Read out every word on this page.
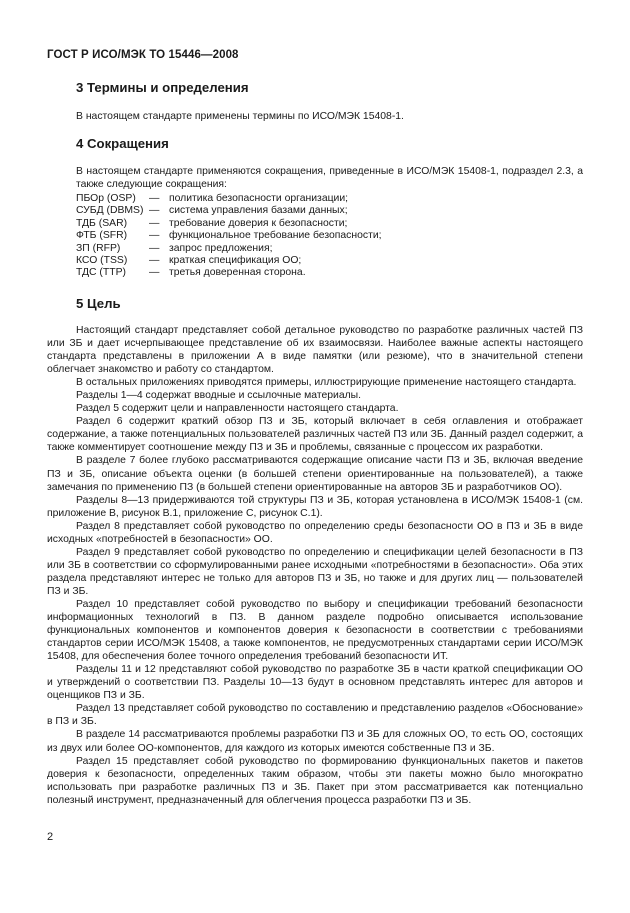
ГОСТ Р ИСО/МЭК ТО 15446—2008
3 Термины и определения
В настоящем стандарте применены термины по ИСО/МЭК 15408-1.
4 Сокращения
В настоящем стандарте применяются сокращения, приведенные в ИСО/МЭК 15408-1, подраздел 2.3, а также следующие сокращения:
ПБОр (OSP) — политика безопасности организации;
СУБД (DBMS) — система управления базами данных;
ТДБ (SAR) — требование доверия к безопасности;
ФТБ (SFR) — функциональное требование безопасности;
ЗП (RFP)	— запрос предложения;
КСО (TSS) — краткая спецификация ОО;
ТДС (TTP) — третья доверенная сторона.
5 Цель

Настоящий стандарт представляет собой детальное руководство по разработке различных частей ПЗ или ЗБ и дает исчерпывающее представление об их взаимосвязи. Наиболее важные аспекты настоящего стандарта представлены в приложении А в виде памятки (или резюме), что в значительной степени облегчает знакомство и работу со стандартом.

В остальных приложениях приводятся примеры, иллюстрирующие применение настоящего стандарта.

Разделы 1—4 содержат вводные и ссылочные материалы.

Раздел 5 содержит цели и направленности настоящего стандарта.

Раздел 6 содержит краткий обзор ПЗ и ЗБ, который включает в себя оглавления и отображает содержание, а также потенциальных пользователей различных частей ПЗ или ЗБ. Данный раздел содержит, а также комментирует соотношение между ПЗ и ЗБ и проблемы, связанные с процессом их разработки.

В разделе 7 более глубоко рассматриваются содержащие описание части ПЗ и ЗБ, включая введение ПЗ и ЗБ, описание объекта оценки (в большей степени ориентированные на пользователей), а также замечания по применению ПЗ (в большей степени ориентированные на авторов ЗБ и разработчиков ОО).

Разделы 8—13 придерживаются той структуры ПЗ и ЗБ, которая установлена в ИСО/МЭК 15408-1 (см. приложение В, рисунок В.1, приложение С, рисунок С.1).

Раздел 8 представляет собой руководство по определению среды безопасности ОО в ПЗ и ЗБ в виде исходных «потребностей в безопасности» ОО.

Раздел 9 представляет собой руководство по определению и спецификации целей безопасности в ПЗ или ЗБ в соответствии со сформулированными ранее исходными «потребностями в безопасности». Оба этих раздела представляют интерес не только для авторов ПЗ и ЗБ, но также и для других лиц — пользователей ПЗ и ЗБ.

Раздел 10 представляет собой руководство по выбору и спецификации требований безопасности информационных технологий в ПЗ. В данном разделе подробно описывается использование функциональных компонентов и компонентов доверия к безопасности в соответствии с требованиями стандартов серии ИСО/МЭК 15408, а также компонентов, не предусмотренных стандартами серии ИСО/МЭК 15408, для обеспечения более точного определения требований безопасности ИТ.

Разделы 11 и 12 представляют собой руководство по разработке ЗБ в части краткой спецификации ОО и утверждений о соответствии ПЗ. Разделы 10—13 будут в основном представлять интерес для авторов и оценщиков ПЗ и ЗБ.

Раздел 13 представляет собой руководство по составлению и представлению разделов «Обоснование» в ПЗ и ЗБ.

В разделе 14 рассматриваются проблемы разработки ПЗ и ЗБ для сложных ОО, то есть ОО, состоящих из двух или более ОО-компонентов, для каждого из которых имеются собственные ПЗ и ЗБ.

Раздел 15 представляет собой руководство по формированию функциональных пакетов и пакетов доверия к безопасности, определенных таким образом, чтобы эти пакеты можно было многократно использовать при разработке различных ПЗ и ЗБ. Пакет при этом рассматривается как потенциально полезный инструмент, предназначенный для облегчения процесса разработки ПЗ и ЗБ.

2
